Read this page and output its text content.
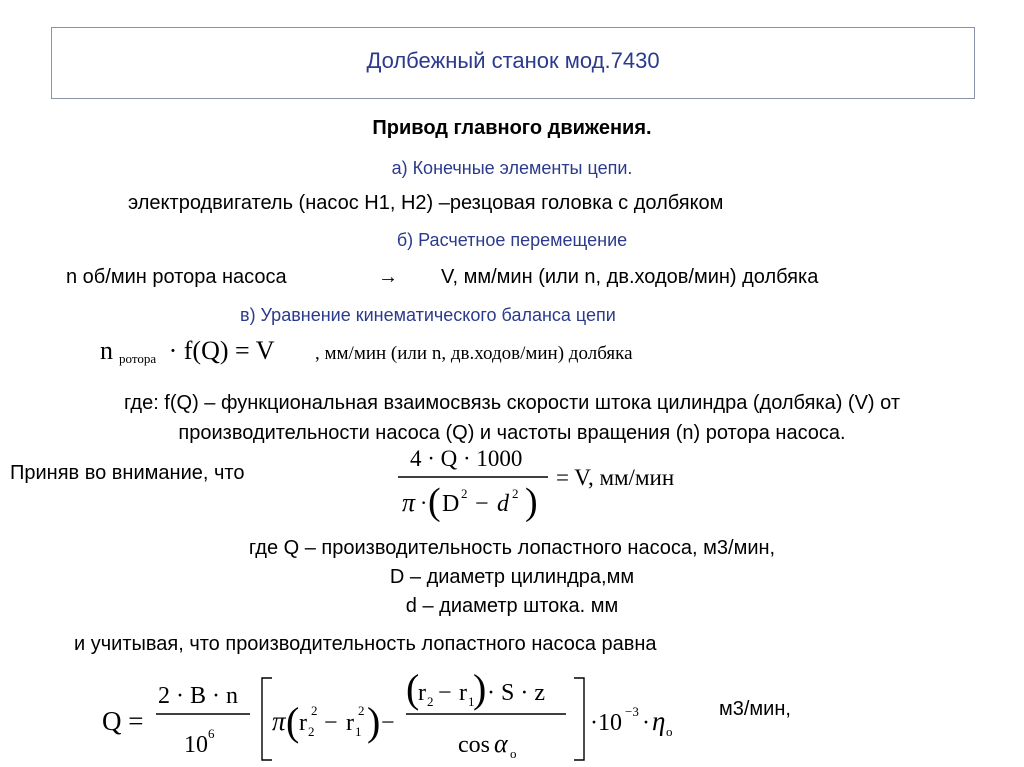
Долбежный станок мод.7430
Привод главного движения.
а) Конечные элементы цепи.
электродвигатель (насос Н1, Н2) –резцовая головка с долбяком
б) Расчетное перемещение
n об/мин ротора насоса	→ V, мм/мин (или n, дв.ходов/мин) долбяка
в) Уравнение кинематического баланса цепи
n $_{ротора}$ · f(Q) = V , мм/мин (или n, дв.ходов/мин) долбяка
где: f(Q) – функциональная взаимосвязь скорости штока цилиндра (долбяка) (V) от
производительности насоса (Q) и частоты вращения (n) ротора насоса.
Приняв во внимание, что
4 · Q · 1000
π · ( D 2 − d 2 )
= V, мм/мин
где Q – производительность лопастного насоса, м3/мин,
D – диаметр цилиндра,мм
d – диаметр штока. мм
и учитывая, что производительность лопастного насоса равна
Q =
2 · B · n
10 6 π ( r 2
2 − r 1
2 ) −
(
r 2 − r 1
) · S · z
cos α o
·10 −3 · η o
м3/мин,
